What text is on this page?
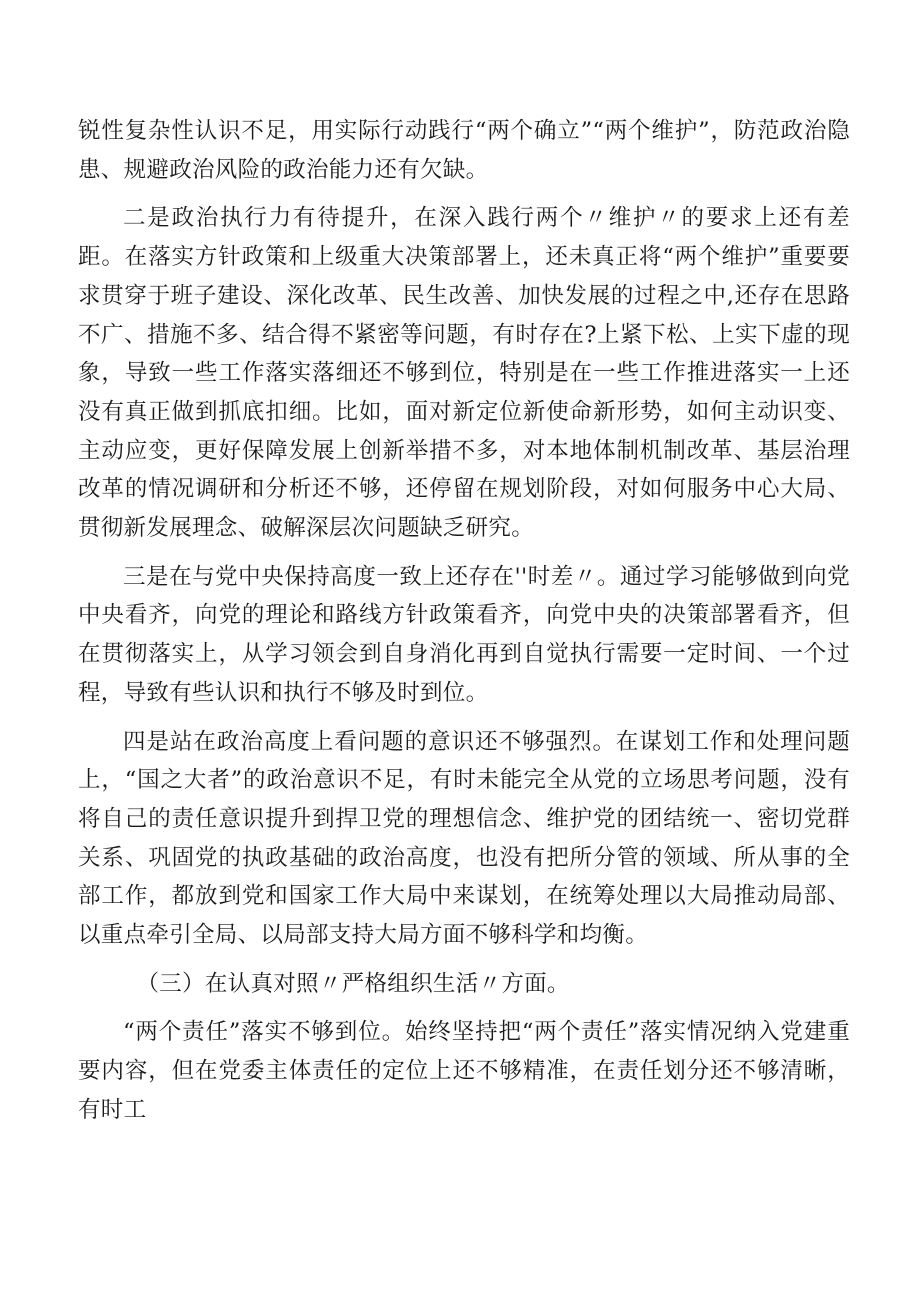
锐性复杂性认识不足，用实际行动践行“两个确立”“两个维护”，防范政治隐患、规避政治风险的政治能力还有欠缺。

二是政治执行力有待提升，在深入践行两个〃维护〃的要求上还有差距。在落实方针政策和上级重大决策部署上，还未真正将“两个维护”重要要求贯穿于班子建设、深化改革、民生改善、加快发展的过程之中,还存在思路不广、措施不多、结合得不紧密等问题，有时存在?上紧下松、上实下虚的现象，导致一些工作落实落细还不够到位，特别是在一些工作推进落实一上还没有真正做到抓底扣细。比如，面对新定位新使命新形势，如何主动识变、主动应变，更好保障发展上创新举措不多，对本地体制机制改革、基层治理改革的情况调研和分析还不够，还停留在规划阶段，对如何服务中心大局、贯彻新发展理念、破解深层次问题缺乏研究。

三是在与党中央保持高度一致上还存在''时差〃。通过学习能够做到向党中央看齐，向党的理论和路线方针政策看齐，向党中央的决策部署看齐，但在贯彻落实上，从学习领会到自身消化再到自觉执行需要一定时间、一个过程，导致有些认识和执行不够及时到位。

四是站在政治高度上看问题的意识还不够强烈。在谋划工作和处理问题上，“国之大者”的政治意识不足，有时未能完全从党的立场思考问题，没有将自己的责任意识提升到捍卫党的理想信念、维护党的团结统一、密切党群关系、巩固党的执政基础的政治高度，也没有把所分管的领域、所从事的全部工作，都放到党和国家工作大局中来谋划，在统筹处理以大局推动局部、以重点牵引全局、以局部支持大局方面不够科学和均衡。

（三）在认真对照〃严格组织生活〃方面。

“两个责任”落实不够到位。始终坚持把“两个责任”落实情况纳入党建重要内容，但在党委主体责任的定位上还不够精准，在责任划分还不够清晰，有时工
